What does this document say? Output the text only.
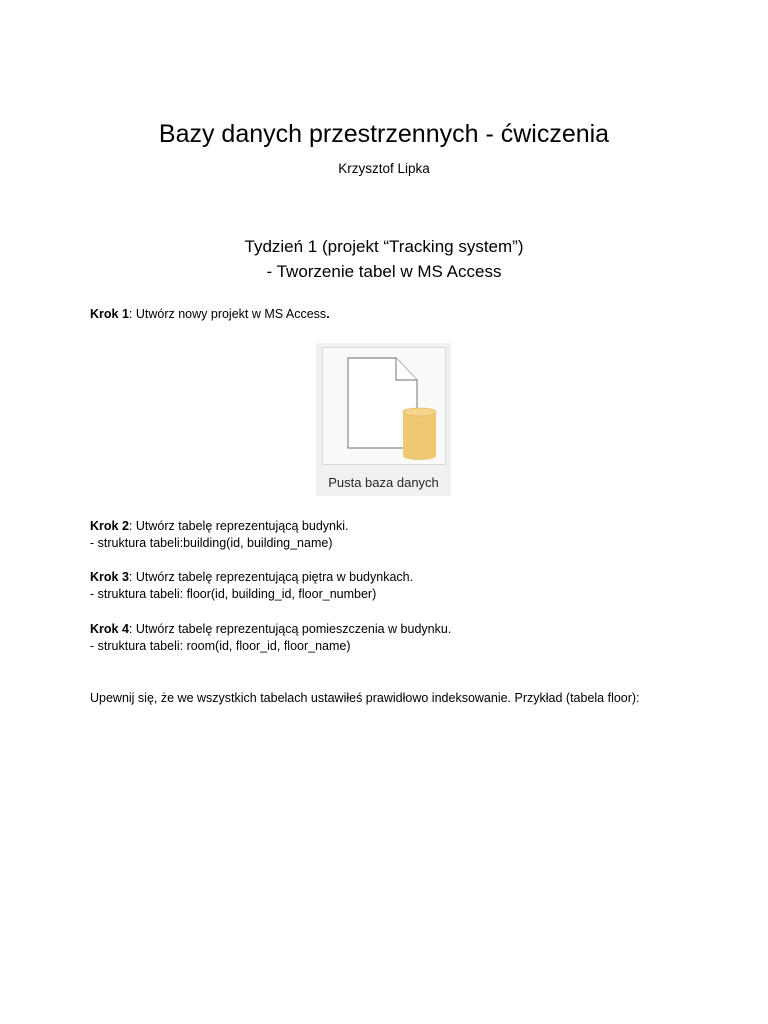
Bazy danych przestrzennych - ćwiczenia
Krzysztof Lipka
Tydzień 1 (projekt “Tracking system”)
- Tworzenie tabel w MS Access
Krok 1: Utwórz nowy projekt w MS Access.
Pusta baza danych
Krok 2: Utwórz tabelę reprezentującą budynki.
- struktura tabeli:building(id, building_name)
Krok 3: Utwórz tabelę reprezentującą piętra w budynkach.
- struktura tabeli: floor(id, building_id, floor_number)
Krok 4: Utwórz tabelę reprezentującą pomieszczenia w budynku.
- struktura tabeli: room(id, floor_id, floor_name)
Upewnij się, że we wszystkich tabelach ustawiłeś prawidłowo indeksowanie. Przykład (tabela floor):
